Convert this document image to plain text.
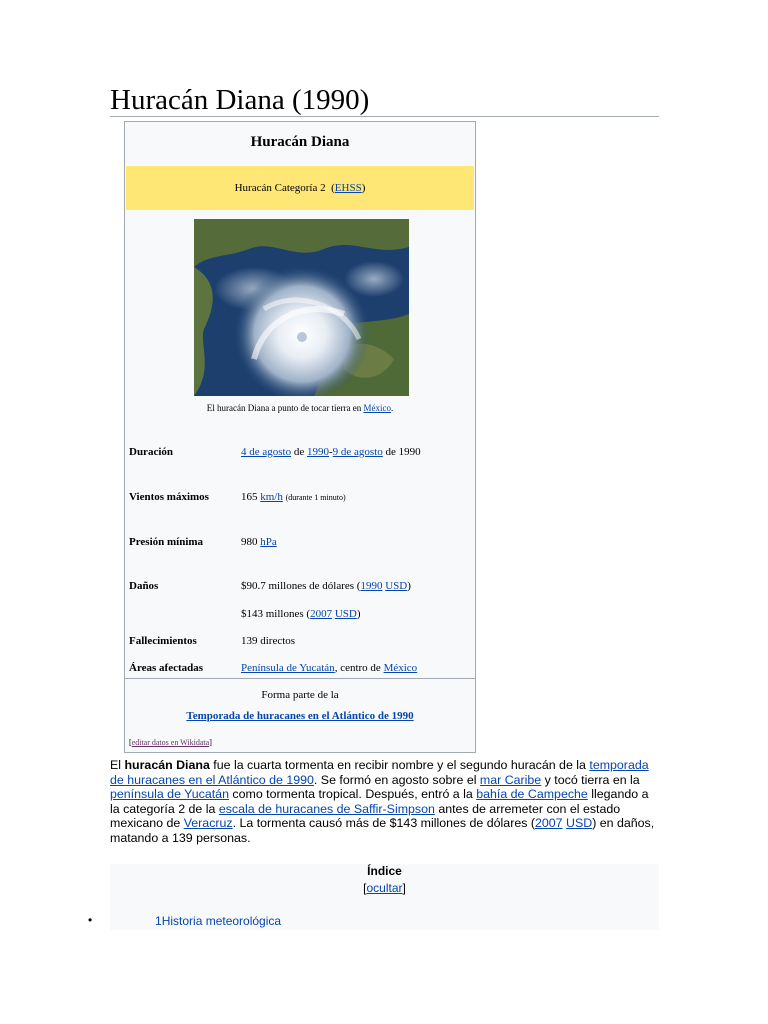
Huracán Diana (1990)
Huracán Diana
Huracán Categoría 2 ( EHSS )
El huracán Diana a punto de tocar tierra en México.
Duración	4 de agosto de 1990-9 de agosto de 1990
Vientos máximos	165 km/h (durante 1 minuto)
Presión mínima	980 hPa
Daños	$90.7 millones de dólares (1990 USD)
$143 millones (2007 USD)
Fallecimientos	139 directos
Áreas afectadas	Península de Yucatán, centro de México
Forma parte de la
Temporada de huracanes en el Atlántico de 1990
[editar datos en Wikidata]

El huracán Diana fue la cuarta tormenta en recibir nombre y el segundo huracán de la temporada de huracanes en el Atlántico de 1990. Se formó en agosto sobre el mar Caribe y tocó tierra en la península de Yucatán como tormenta tropical. Después, entró a la bahía de Campeche llegando a la categoría 2 de la escala de huracanes de Saffir-Simpson antes de arremeter con el estado mexicano de Veracruz. La tormenta causó más de $143 millones de dólares (2007 USD) en daños, matando a 139 personas.

Índice
[ocultar]
•	1Historia meteorológica
